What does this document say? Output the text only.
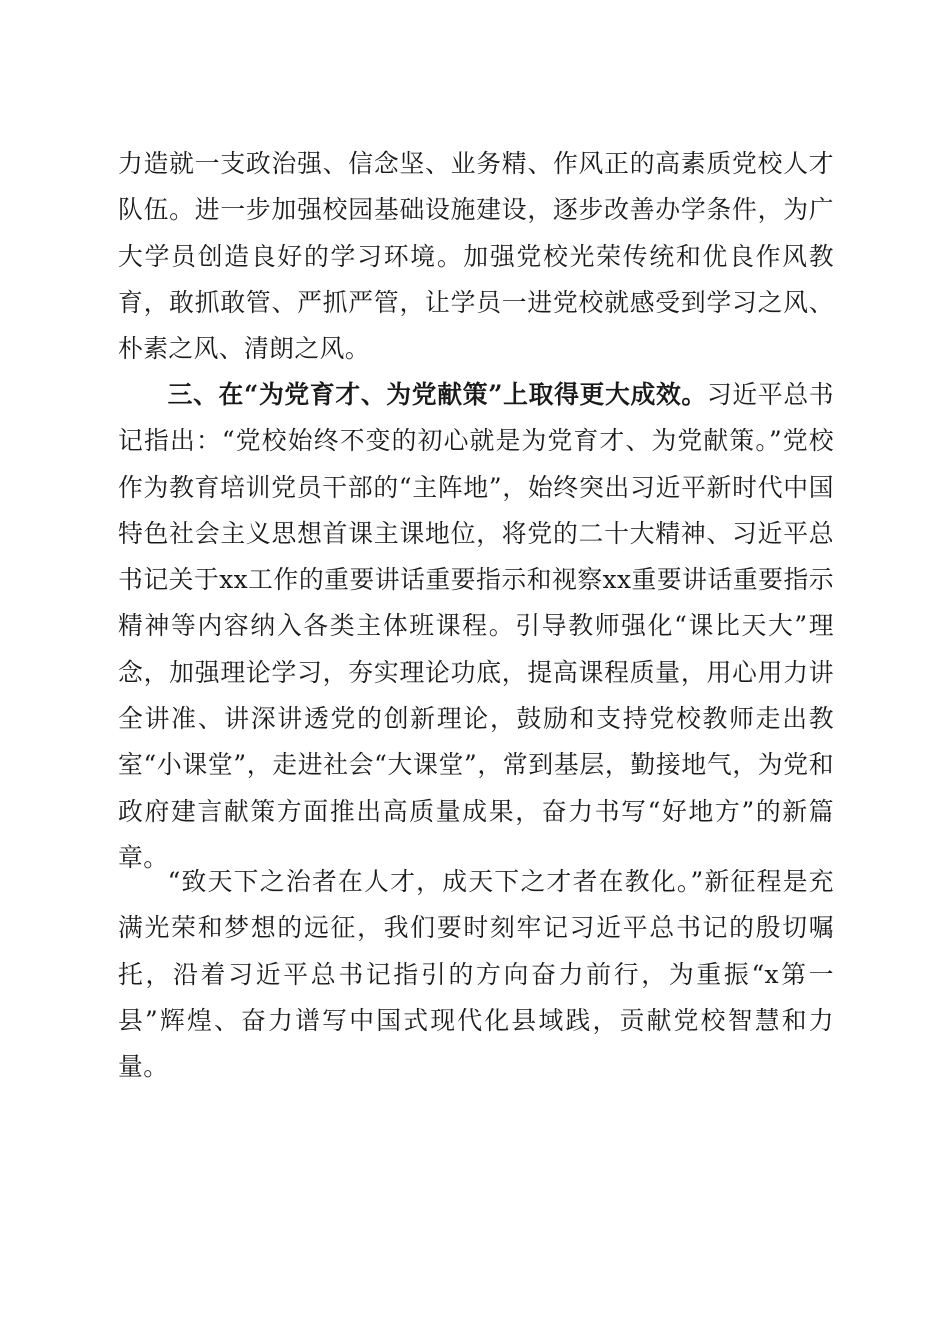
力造就一支政治强、信念坚、业务精、作风正的高素质党校人才队伍。进一步加强校园基础设施建设，逐步改善办学条件，为广大学员创造良好的学习环境。加强党校光荣传统和优良作风教育，敢抓敢管、严抓严管，让学员一进党校就感受到学习之风、朴素之风、清朗之风。

三、在“为党育才、为党献策”上取得更大成效。习近平总书记指出：“党校始终不变的初心就是为党育才、为党献策。”党校作为教育培训党员干部的“主阵地”，始终突出习近平新时代中国特色社会主义思想首课主课地位，将党的二十大精神、习近平总书记关于xx工作的重要讲话重要指示和视察xx重要讲话重要指示精神等内容纳入各类主体班课程。引导教师强化“课比天大”理念，加强理论学习，夯实理论功底，提高课程质量，用心用力讲全讲准、讲深讲透党的创新理论，鼓励和支持党校教师走出教室“小课堂”，走进社会“大课堂”，常到基层，勤接地气，为党和政府建言献策方面推出高质量成果，奋力书写“好地方”的新篇章。

“致天下之治者在人才，成天下之才者在教化。”新征程是充满光荣和梦想的远征，我们要时刻牢记习近平总书记的殷切嘱托，沿着习近平总书记指引的方向奋力前行，为重振“x第一县”辉煌、奋力谱写中国式现代化县域践，贡献党校智慧和力量。
